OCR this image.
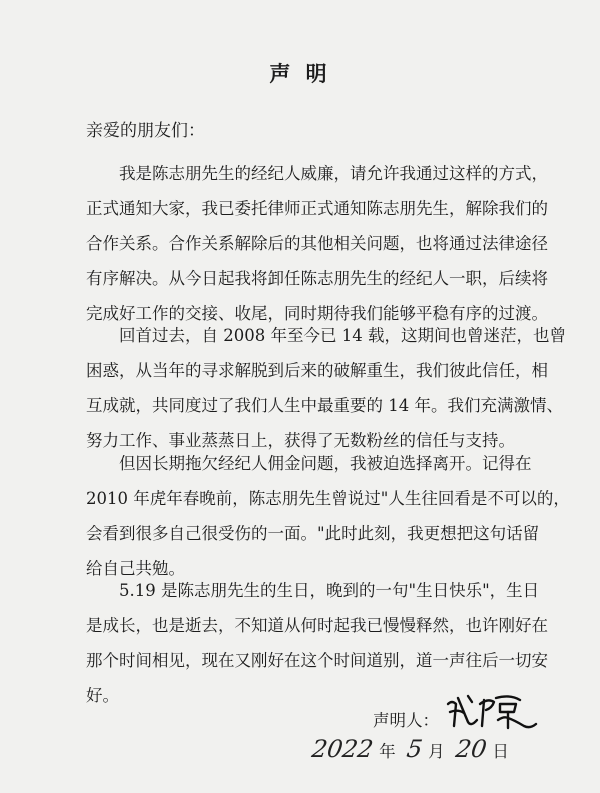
声 明
亲爱的朋友们：
我是陈志朋先生的经纪人威廉，请允许我通过这样的方式，
正式通知大家，我已委托律师正式通知陈志朋先生，解除我们的
合作关系。合作关系解除后的其他相关问题，也将通过法律途径
有序解决。从今日起我将卸任陈志朋先生的经纪人一职，后续将
完成好工作的交接、收尾，同时期待我们能够平稳有序的过渡。
回首过去，自 2008 年至今已 14 载，这期间也曾迷茫，也曾
困惑，从当年的寻求解脱到后来的破解重生，我们彼此信任，相
互成就，共同度过了我们人生中最重要的 14 年。我们充满激情、
努力工作、事业蒸蒸日上，获得了无数粉丝的信任与支持。
但因长期拖欠经纪人佣金问题，我被迫选择离开。记得在
2010 年虎年春晚前，陈志朋先生曾说过"人生往回看是不可以的，
会看到很多自己很受伤的一面。"此时此刻，我更想把这句话留
给自己共勉。
5.19 是陈志朋先生的生日，晚到的一句"生日快乐"，生日
是成长，也是逝去，不知道从何时起我已慢慢释然，也许刚好在
那个时间相见，现在又刚好在这个时间道别，道一声往后一切安
好。
声明人：
2022 年 5 月 20 日
